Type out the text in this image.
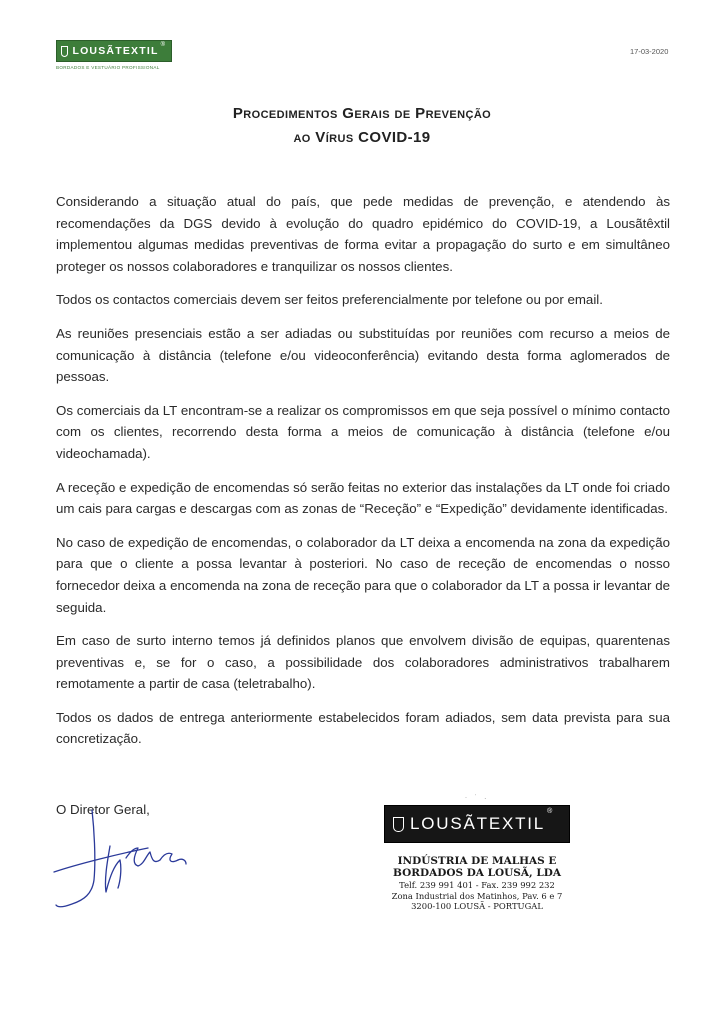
LOUSÃTEXTIL ®
BORDADOS E VESTUÁRIO PROFISSIONAL
17-03-2020
Procedimentos Gerais de Prevenção
ao Vírus COVID-19

Considerando a situação atual do país, que pede medidas de prevenção, e atendendo às recomendações da DGS devido à evolução do quadro epidémico do COVID-19, a Lousãtêxtil implementou algumas medidas preventivas de forma evitar a propagação do surto e em simultâneo proteger os nossos colaboradores e tranquilizar os nossos clientes.

Todos os contactos comerciais devem ser feitos preferencialmente por telefone ou por email.

As reuniões presenciais estão a ser adiadas ou substituídas por reuniões com recurso a meios de comunicação à distância (telefone e/ou videoconferência) evitando desta forma aglomerados de pessoas.

Os comerciais da LT encontram-se a realizar os compromissos em que seja possível o mínimo contacto com os clientes, recorrendo desta forma a meios de comunicação à distância (telefone e/ou videochamada).

A receção e expedição de encomendas só serão feitas no exterior das instalações da LT onde foi criado um cais para cargas e descargas com as zonas de “Receção” e “Expedição” devidamente identificadas.

No caso de expedição de encomendas, o colaborador da LT deixa a encomenda na zona da expedição para que o cliente a possa levantar à posteriori. No caso de receção de encomendas o nosso fornecedor deixa a encomenda na zona de receção para que o colaborador da LT a possa ir levantar de seguida.

Em caso de surto interno temos já definidos planos que envolvem divisão de equipas, quarentenas preventivas e, se for o caso, a possibilidade dos colaboradores administrativos trabalharem remotamente a partir de casa (teletrabalho).

Todos os dados de entrega anteriormente estabelecidos foram adiados, sem data prevista para sua concretização.

O Diretor Geral,
· ˙ .
LOUSÃTEXTIL
®
INDÚSTRIA DE MALHAS E
BORDADOS DA LOUSÃ, LDA
Telf. 239 991 401 - Fax. 239 992 232
Zona Industrial dos Matinhos, Pav. 6 e 7
3200-100 LOUSÃ - PORTUGAL
